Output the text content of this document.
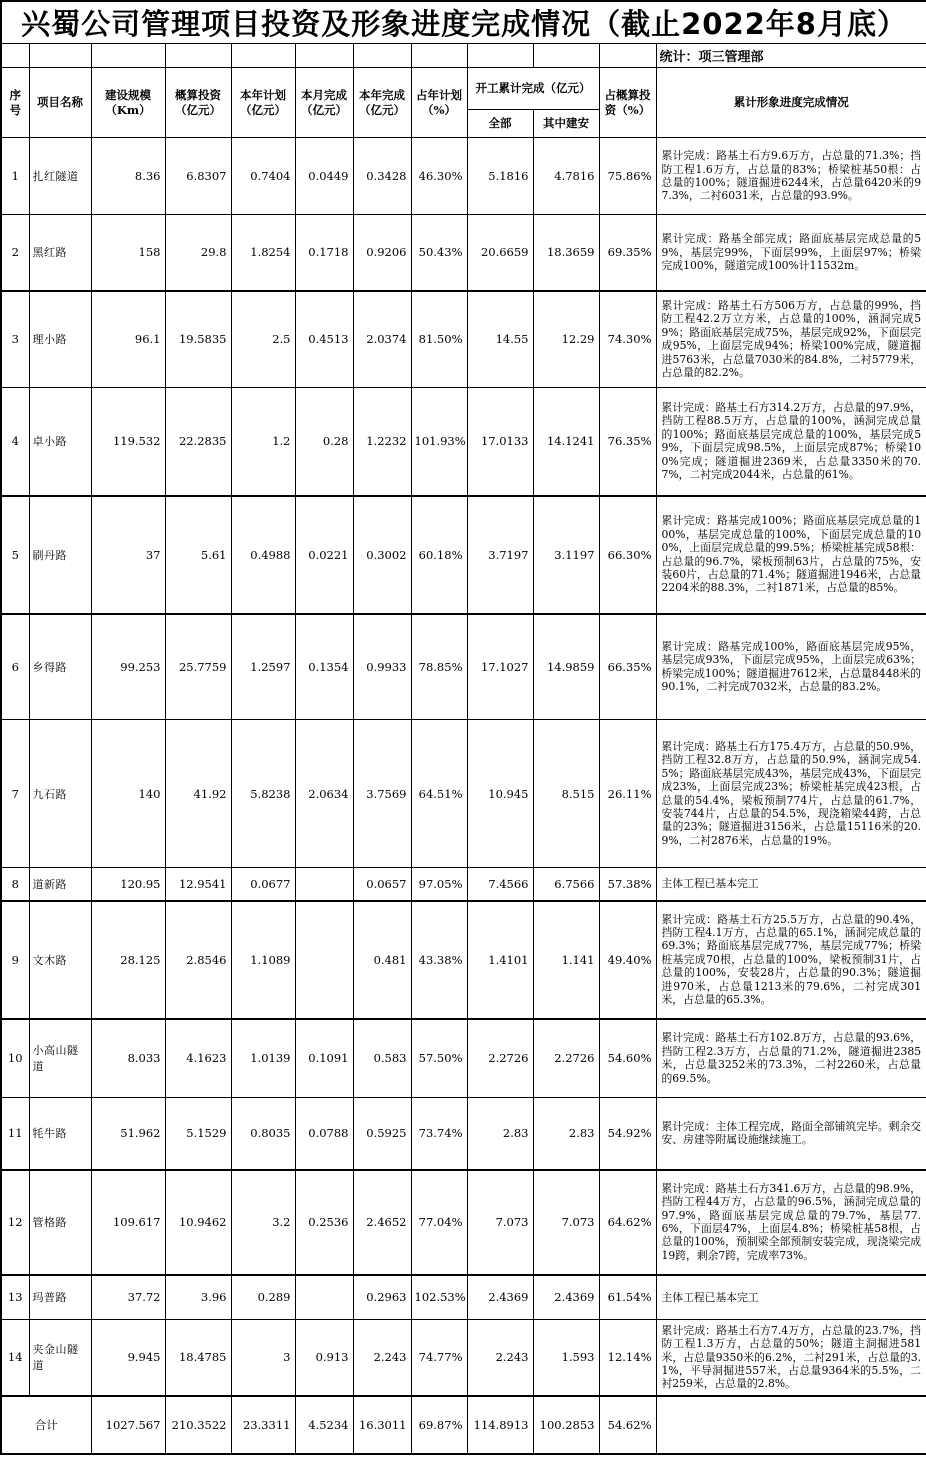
兴蜀公司管理项目投资及形象进度完成情况（截止2022年8月底）											
											统计：项三管理部
序号	项目名称	建设规模（Km）	概算投资（亿元）	本年计划（亿元）	本月完成（亿元）	本年完成（亿元）	占年计划（%）	开工累计完成（亿元）		占概算投资（%）	累计形象进度完成情况
								全部	其中建安		
1	扎红隧道	8.36	6.8307	0.7404	0.0449	0.3428	46.30%	5.1816	4.7816	75.86%	累计完成：路基土石方9.6万方，占总量的71.3%；挡防工程1.6万方，占总量的83%；桥梁桩基50根：占总量的100%；隧道掘进6244米，占总量6420米的97.3%，二衬6031米，占总量的93.9%。
2	黑红路	158	29.8	1.8254	0.1718	0.9206	50.43%	20.6659	18.3659	69.35%	累计完成：路基全部完成；路面底基层完成总量的59%，基层完99%，下面层99%，上面层97%；桥梁完成100%，隧道完成100%计11532m。
3	理小路	96.1	19.5835	2.5	0.4513	2.0374	81.50%	14.55	12.29	74.30%	累计完成：路基土石方506万方，占总量的99%，挡防工程42.2万立方米，占总量的100%，涵洞完成59%；路面底基层完成75%，基层完成92%，下面层完成95%，上面层完成94%；桥梁100%完成，隧道掘进5763米，占总量7030米的84.8%，二衬5779米，占总量的82.2%。
4	卓小路	119.532	22.2835	1.2	0.28	1.2232	101.93%	17.0133	14.1241	76.35%	累计完成：路基土石方314.2万方，占总量的97.9%，挡防工程88.5万方，占总量的100%，涵洞完成总量的100%；路面底基层完成总量的100%，基层完成59%，下面层完成98.5%，上面层完成87%；桥梁100%完成；隧道掘进2369米，占总量3350米的70.7%，二衬完成2044米，占总量的61%。
5	刷丹路	37	5.61	0.4988	0.0221	0.3002	60.18%	3.7197	3.1197	66.30%	累计完成：路基完成100%；路面底基层完成总量的100%，基层完成总量的100%，下面层完成总量的100%，上面层完成总量的99.5%；桥梁桩基完成58根：占总量的96.7%，梁板预制63片，占总量的75%，安装60片，占总量的71.4%；隧道掘进1946米，占总量2204米的88.3%，二衬1871米，占总量的85%。
6	乡得路	99.253	25.7759	1.2597	0.1354	0.9933	78.85%	17.1027	14.9859	66.35%	累计完成：路基完成100%，路面底基层完成95%，基层完成93%，下面层完成95%，上面层完成63%；桥梁完成100%；隧道掘进7612米，占总量8448米的90.1%，二衬完成7032米，占总量的83.2%。
7	九石路	140	41.92	5.8238	2.0634	3.7569	64.51%	10.945	8.515	26.11%	累计完成：路基土石方175.4万方，占总量的50.9%，挡防工程32.8万方，占总量的50.9%，涵洞完成54.5%；路面底基层完成43%，基层完成43%，下面层完成23%，上面层完成23%；桥梁桩基完成423根，占总量的54.4%，梁板预制774片，占总量的61.7%，安装744片，占总量的54.5%，现浇箱梁44跨，占总量的23%；隧道掘进3156米，占总量15116米的20.9%，二衬2876米，占总量的19%。
8	道新路	120.95	12.9541	0.0677		0.0657	97.05%	7.4566	6.7566	57.38%	主体工程已基本完工
9	文木路	28.125	2.8546	1.1089		0.481	43.38%	1.4101	1.141	49.40%	累计完成：路基土石方25.5万方，占总量的90.4%，挡防工程4.1万方，占总量的65.1%，涵洞完成总量的69.3%；路面底基层完成77%，基层完成77%；桥梁桩基完成70根，占总量的100%，梁板预制31片，占总量的100%，安装28片，占总量的90.3%；隧道掘进970米，占总量1213米的79.6%，二衬完成301米，占总量的65.3%。
10	小高山隧道	8.033	4.1623	1.0139	0.1091	0.583	57.50%	2.2726	2.2726	54.60%	累计完成：路基土石方102.8万方，占总量的93.6%，挡防工程2.3万方，占总量的71.2%，隧道掘进2385米，占总量3252米的73.3%，二衬2260米，占总量的69.5%。
11	牦牛路	51.962	5.1529	0.8035	0.0788	0.5925	73.74%	2.83	2.83	54.92%	累计完成：主体工程完成，路面全部铺筑完毕。剩余交安、房建等附属设施继续施工。
12	管格路	109.617	10.9462	3.2	0.2536	2.4652	77.04%	7.073	7.073	64.62%	累计完成：路基土石方341.6万方，占总量的98.9%，挡防工程44万方，占总量的96.5%，涵洞完成总量的97.9%，路面底基层完成总量的79.7%，基层77.6%，下面层47%，上面层4.8%；桥梁桩基58根，占总量的100%，预制梁全部预制安装完成，现浇梁完成19跨，剩余7跨，完成率73%。
13	玛普路	37.72	3.96	0.289		0.2963	102.53%	2.4369	2.4369	61.54%	主体工程已基本完工
14	夹金山隧道	9.945	18.4785	3	0.913	2.243	74.77%	2.243	1.593	12.14%	累计完成：路基土石方7.4万方，占总量的23.7%，挡防工程1.3万方，占总量的50%；隧道主洞掘进581米，占总量9350米的6.2%，二衬291米，占总量的3.1%，平导洞掘进557米，占总量9364米的5.5%，二衬259米，占总量的2.8%。
合计		1027.567	210.3522	23.3311	4.5234	16.3011	69.87%	114.8913	100.2853	54.62%	
